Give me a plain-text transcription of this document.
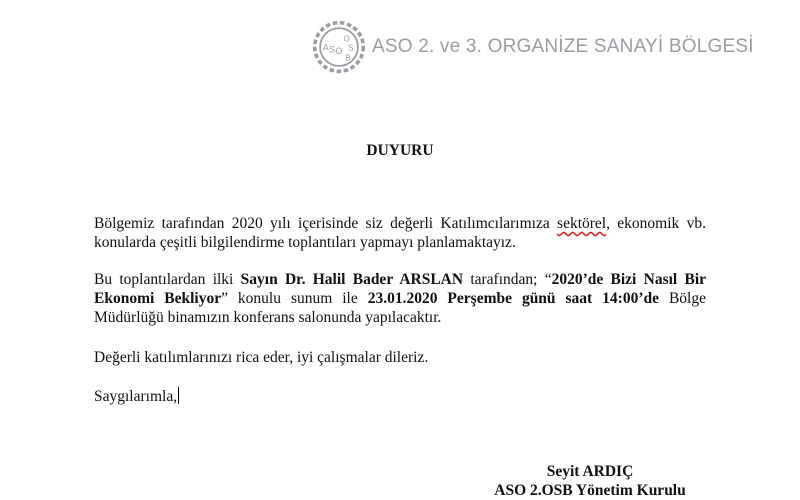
A S O
O
S
B
ASO 2. ve 3. ORGANİZE SANAYİ BÖLGESİ
DUYURU

Bölgemiz tarafından 2020 yılı içerisinde siz değerli Katılımcılarımıza sektörel, ekonomik vb. konularda çeşitli bilgilendirme toplantıları yapmayı planlamaktayız.

Bu toplantılardan ilki Sayın Dr. Halil Bader ARSLAN tarafından; “2020’de Bizi Nasıl Bir Ekonomi Bekliyor” konulu sunum ile 23.01.2020 Perşembe günü saat 14:00’de Bölge Müdürlüğü binamızın konferans salonunda yapılacaktır.

Değerli katılımlarınızı rica eder, iyi çalışmalar dileriz.

Saygılarımla,

Seyit ARDIÇ
ASO 2.OSB Yönetim Kurulu
